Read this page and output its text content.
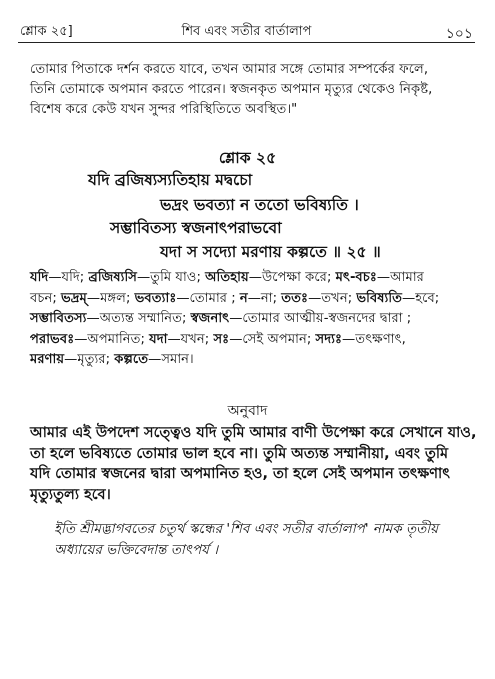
শ্লোক ২৫]	শিব এবং সতীর বার্তালাপ	১০১
তোমার পিতাকে দর্শন করতে যাবে, তখন আমার সঙ্গে তোমার সম্পর্কের ফলে,
তিনি তোমাকে অপমান করতে পারেন। স্বজনকৃত অপমান মৃত্যুর থেকেও নিকৃষ্ট,
বিশেষ করে কেউ যখন সুন্দর পরিস্থিতিতে অবস্থিত।"
শ্লোক ২৫
যদি ব্রজিষ্যস্যতিহায় মদ্বচো
ভদ্রং ভবত্যা ন ততো ভবিষ্যতি ।
সম্ভাবিতস্য স্বজনাৎপরাভবো
যদা স সদ্যো মরণায় কল্পতে ॥ ২৫ ॥
যদি—যদি; ব্রজিষ্যসি—তুমি যাও; অতিহায়—উপেক্ষা করে; মৎ-বচঃ—আমার
বচন; ভদ্রম্—মঙ্গল; ভবত্যাঃ—তোমার ; ন—না; ততঃ—তখন; ভবিষ্যতি—হবে;
সম্ভাবিতস্য—অত্যন্ত সম্মানিত; স্বজনাৎ—তোমার আত্মীয়-স্বজনদের দ্বারা ;
পরাভবঃ—অপমানিত; যদা—যখন; সঃ—সেই অপমান; সদ্যঃ—তৎক্ষণাৎ,
মরণায়—মৃত্যুর; কল্পতে—সমান।
অনুবাদ
আমার এই উপদেশ সত্ত্বেও যদি তুমি আমার বাণী উপেক্ষা করে সেখানে যাও,
তা হলে ভবিষ্যতে তোমার ভাল হবে না। তুমি অত্যন্ত সম্মানীয়া, এবং তুমি
যদি তোমার স্বজনের দ্বারা অপমানিত হও, তা হলে সেই অপমান তৎক্ষণাৎ
মৃত্যুতুল্য হবে।
ইতি শ্রীমদ্ভাগবতের চতুর্থ স্কন্ধের 'শিব এবং সতীর বার্তালাপ' নামক তৃতীয়
অধ্যায়ের ভক্তিবেদান্ত তাৎপর্য ।
